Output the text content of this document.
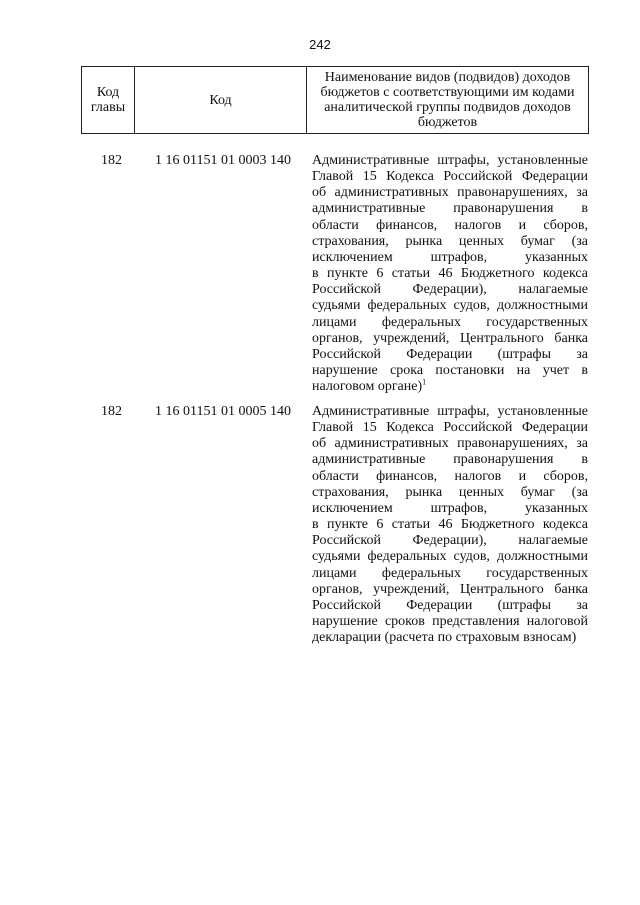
242
Код главы	Код
Наименование видов (подвидов) доходов бюджетов с соответствующими им кодами аналитической группы подвидов доходов бюджетов
182 1 16 01151 01 0003 140 Административные штрафы, установленные
Главой 15 Кодекса Российской Федерации
об административных правонарушениях, за
административные правонарушения в
области финансов, налогов и сборов,
страхования, рынка ценных бумаг (за
исключением штрафов, указанных
в пункте 6 статьи 46 Бюджетного кодекса
Российской Федерации), налагаемые
судьями федеральных судов, должностными
лицами федеральных государственных
органов, учреждений, Центрального банка
Российской Федерации (штрафы за
нарушение срока постановки на учет в
налоговом органе)$^1$
182 1 16 01151 01 0005 140 Административные штрафы, установленные
Главой 15 Кодекса Российской Федерации
об административных правонарушениях, за
административные правонарушения в
области финансов, налогов и сборов,
страхования, рынка ценных бумаг (за
исключением штрафов, указанных
в пункте 6 статьи 46 Бюджетного кодекса
Российской Федерации), налагаемые
судьями федеральных судов, должностными
лицами федеральных государственных
органов, учреждений, Центрального банка
Российской Федерации (штрафы за
нарушение сроков представления налоговой
декларации (расчета по страховым взносам)
